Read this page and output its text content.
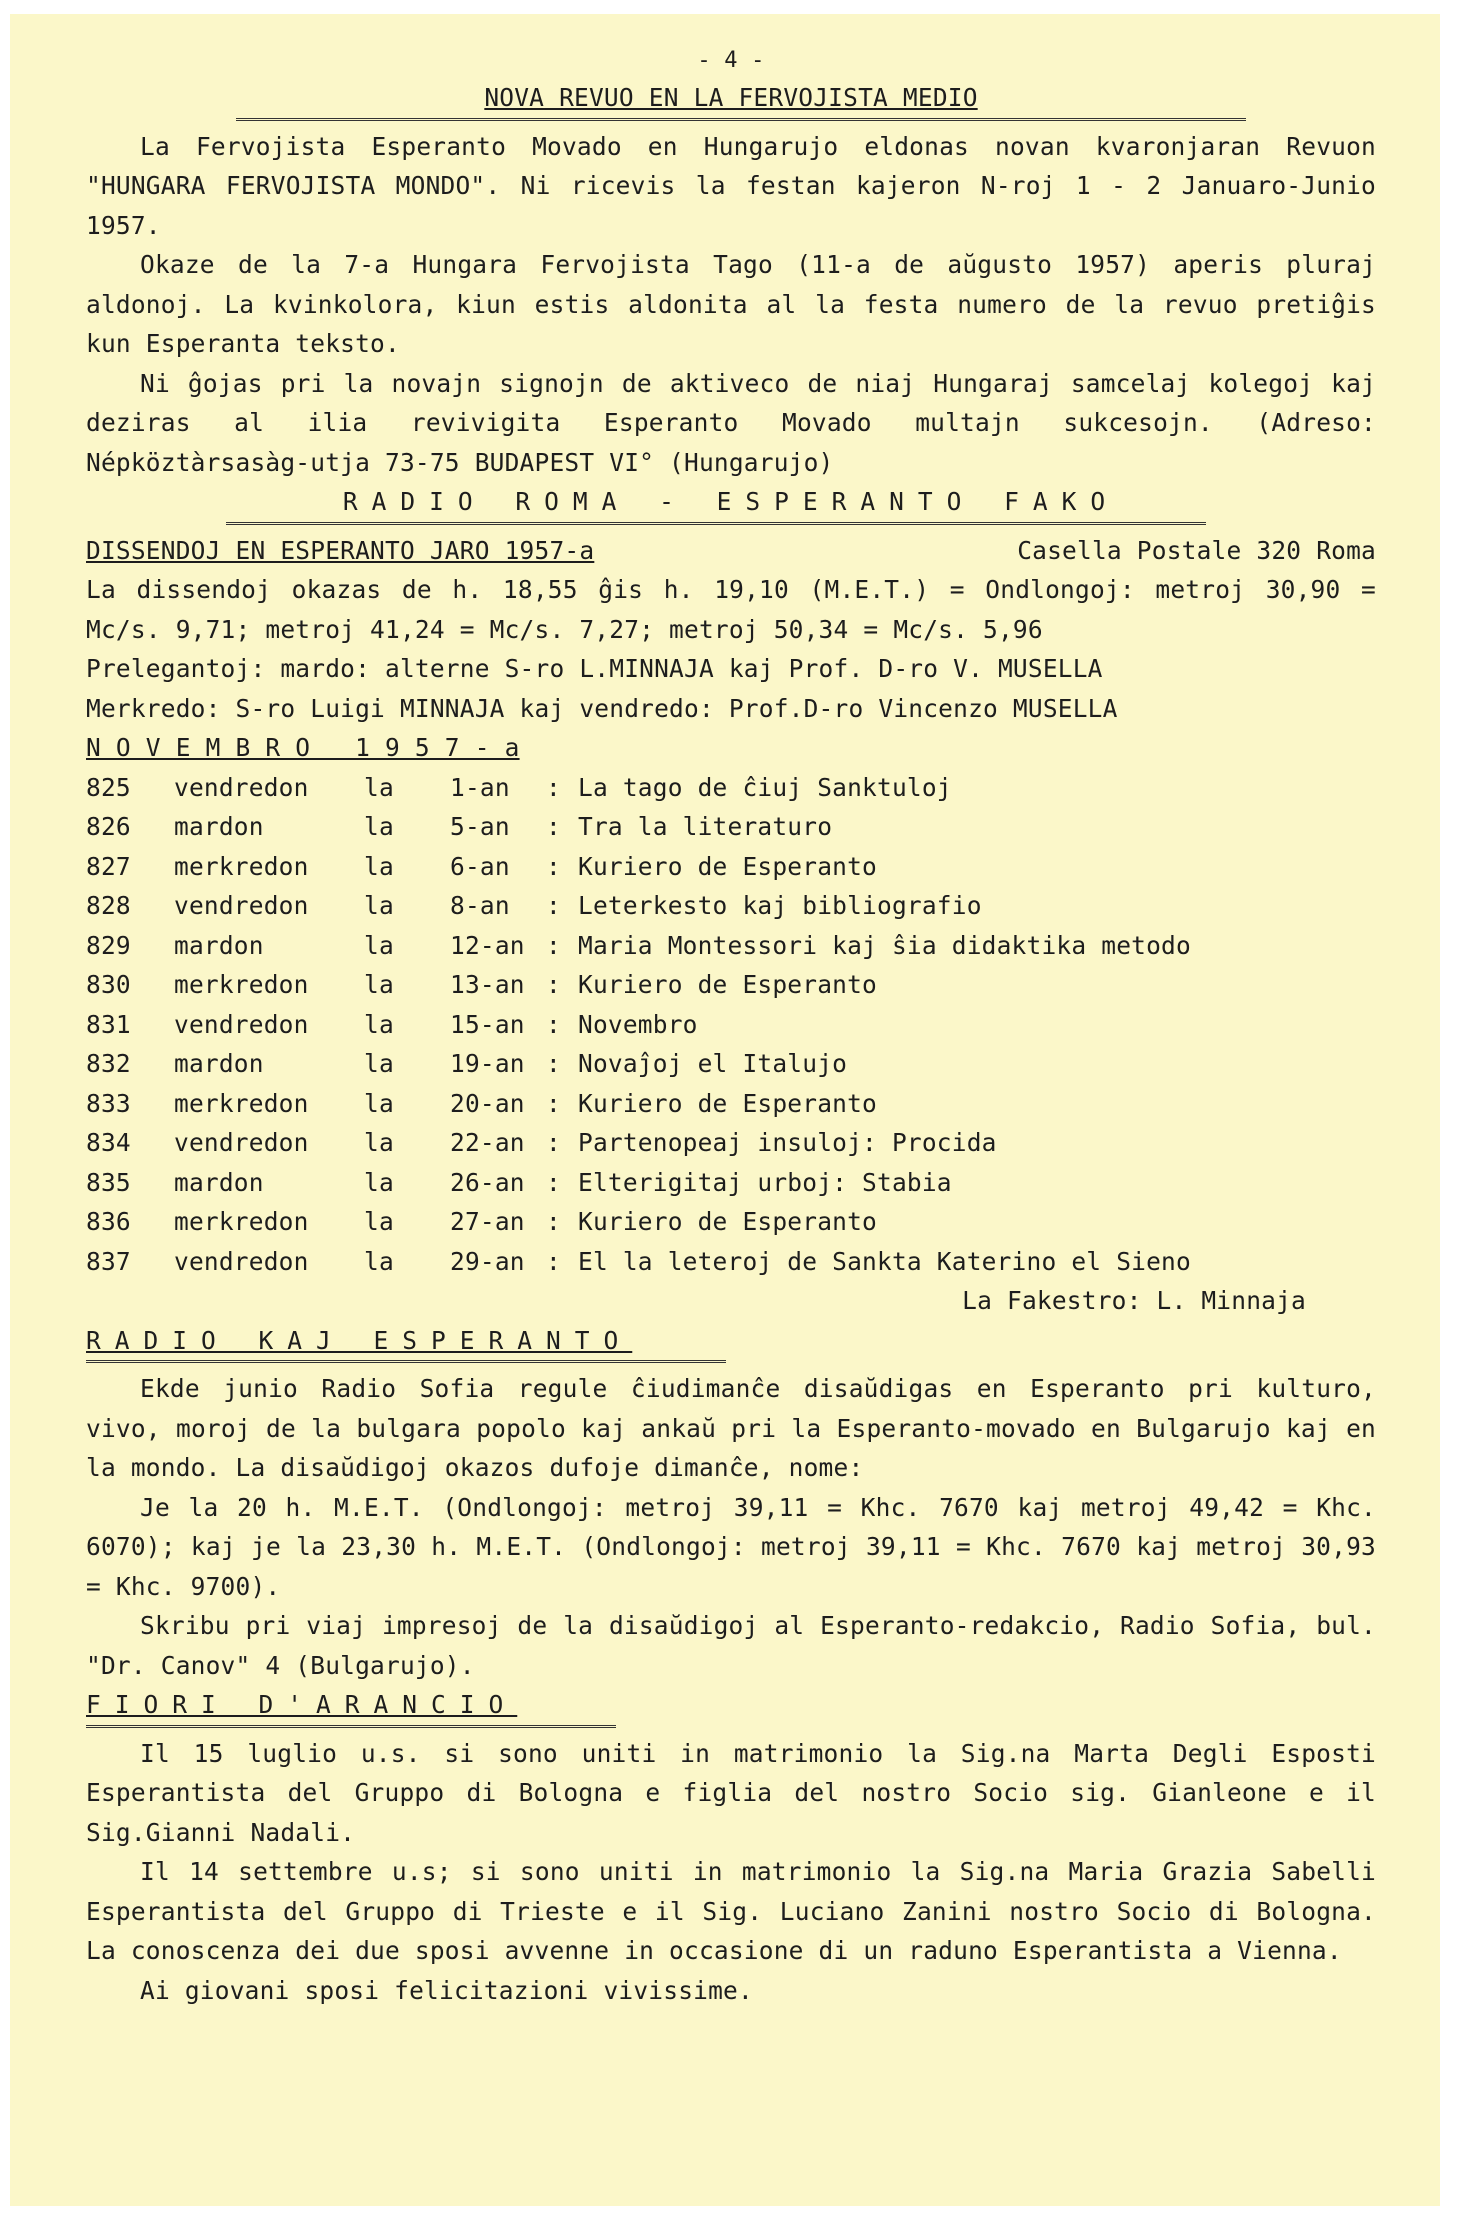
- 4 -
NOVA REVUO EN LA FERVOJISTA MEDIO

La Fervojista Esperanto Movado en Hungarujo eldonas novan kvaronjaran Revuon "HUNGARA FERVOJISTA MONDO". Ni ricevis la festan kajeron N-roj 1 - 2 Januaro-Junio 1957.

Okaze de la 7-a Hungara Fervojista Tago (11-a de aŭgusto 1957) aperis pluraj aldonoj. La kvinkolora, kiun estis aldonita al la festa numero de la revuo pretiĝis kun Esperanta teksto.

Ni ĝojas pri la novajn signojn de aktiveco de niaj Hungaraj samcelaj kolegoj kaj deziras al ilia revivigita Esperanto Movado multajn sukcesojn. (Adreso: Népköztàrsasàg-utja 73-75 BUDAPEST VI° (Hungarujo)

RADIO ROMA - ESPERANTO FAKO
DISSENDOJ EN ESPERANTO JARO 1957-a	Casella Postale 320 Roma

La dissendoj okazas de h. 18,55 ĝis h. 19,10 (M.E.T.) = Ondlongoj: metroj 30,90 = Mc/s. 9,71; metroj 41,24 = Mc/s. 7,27; metroj 50,34 = Mc/s. 5,96

Prelegantoj: mardo: alterne S-ro L.MINNAJA kaj Prof. D-ro V. MUSELLA

Merkredo: S-ro Luigi MINNAJA kaj vendredo: Prof.D-ro Vincenzo MUSELLA

N O V E M B R O   1 9 5 7 - a
825	vendredon	la	1-an	: La tago de ĉiuj Sanktuloj
826	mardon	la	5-an	: Tra la literaturo
827	merkredon	la	6-an	: Kuriero de Esperanto
828	vendredon	la	8-an	: Leterkesto kaj bibliografio
829	mardon	la	12-an : Maria Montessori kaj ŝia didaktika metodo
830	merkredon	la	13-an : Kuriero de Esperanto
831	vendredon	la	15-an : Novembro
832	mardon	la	19-an : Novaĵoj el Italujo
833	merkredon	la	20-an : Kuriero de Esperanto
834	vendredon	la	22-an : Partenopeaj insuloj: Procida
835	mardon	la	26-an : Elterigitaj urboj: Stabia
836	merkredon	la	27-an : Kuriero de Esperanto
837	vendredon	la	29-an : El la leteroj de Sankta Katerino el Sieno
La Fakestro: L. Minnaja
RADIO KAJ ESPERANTO

Ekde junio Radio Sofia regule ĉiudimanĉe disaŭdigas en Esperanto pri kulturo, vivo, moroj de la bulgara popolo kaj ankaŭ pri la Esperanto-movado en Bulgarujo kaj en la mondo. La disaŭdigoj okazos dufoje dimanĉe, nome:

Je la 20 h. M.E.T. (Ondlongoj: metroj 39,11 = Khc. 7670 kaj metroj 49,42 = Khc. 6070); kaj je la 23,30 h. M.E.T. (Ondlongoj: metroj 39,11 = Khc. 7670 kaj metroj 30,93 = Khc. 9700).

Skribu pri viaj impresoj de la disaŭdigoj al Esperanto-redakcio, Radio Sofia, bul. "Dr. Canov" 4 (Bulgarujo).

FIORI D'ARANCIO

Il 15 luglio u.s. si sono uniti in matrimonio la Sig.na Marta Degli Esposti Esperantista del Gruppo di Bologna e figlia del nostro Socio sig. Gianleone e il Sig.Gianni Nadali.

Il 14 settembre u.s; si sono uniti in matrimonio la Sig.na Maria Grazia Sabelli Esperantista del Gruppo di Trieste e il Sig. Luciano Zanini nostro Socio di Bologna. La conoscenza dei due sposi avvenne in occasione di un raduno Esperantista a Vienna.

Ai giovani sposi felicitazioni vivissime.
